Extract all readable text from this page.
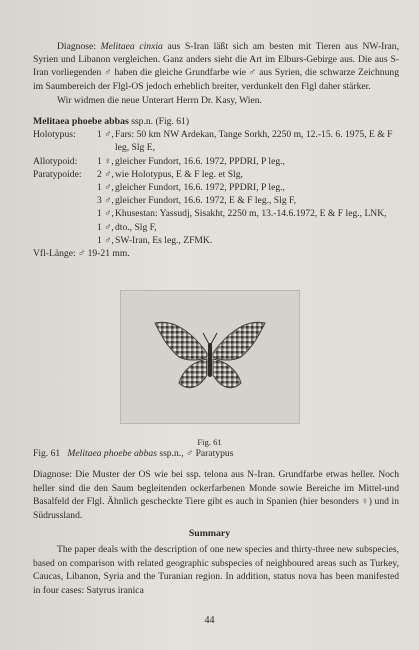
Diagnose: Melitaea cinxia aus S-Iran läßt sich am besten mit Tieren aus NW-Iran, Syrien und Libanon vergleichen. Ganz anders sieht die Art im Elburs-Gebirge aus. Die aus S-Iran vorliegenden ♂ haben die gleiche Grundfarbe wie ♂ aus Syrien, die schwarze Zeichnung im Saumbereich der Flgl-OS jedoch erheblich breiter, verdunkelt den Flgl daher stärker.
Wir widmen die neue Unterart Herrn Dr. Kasy, Wien.
Melitaea phoebe abbas ssp.n. (Fig. 61)
Holotypus:	1 ♂,	Fars: 50 km NW Ardekan, Tange Sorkh, 2250 m, 12.-15. 6. 1975, E & F leg, Slg E,
Allotypoid:	1 ♀,	gleicher Fundort, 16.6. 1972, PPDRI, P leg.,
Paratypoide:	2 ♂,	wie Holotypus, E & F leg. et Slg,
	1 ♂,	gleicher Fundort, 16.6. 1972, PPDRI, P leg.,
	3 ♂,	gleicher Fundort, 16.6. 1972, E & F leg., Slg F,
	1 ♂,	Khusestan: Yassudj, Sisakht, 2250 m, 13.-14.6.1972, E & F leg., LNK,
	1 ♂,	dto., Slg F,
	1 ♂,	SW-Iran, Es leg., ZFMK.
Vfl-Länge: ♂ 19-21 mm.
Fig. 61
Fig. 61 Melitaea phoebe abbas ssp.n., ♂ Paratypus
Diagnose: Die Muster der OS wie bei ssp. telona aus N-Iran. Grundfarbe etwas heller. Noch heller sind die den Saum begleitenden ockerfarbenen Monde sowie Bereiche im Mittel-und Basalfeld der Flgl. Ähnlich gescheckte Tiere gibt es auch in Spanien (hier besonders ♀) und in Südrussland.
Summary
The paper deals with the description of one new species and thirty-three new subspecies, based on comparison with related geographic subspecies of neighboured areas such as Turkey, Caucas, Libanon, Syria and the Turanian region. In addition, status nova has been manifested in four cases: Satyrus iranica
44
